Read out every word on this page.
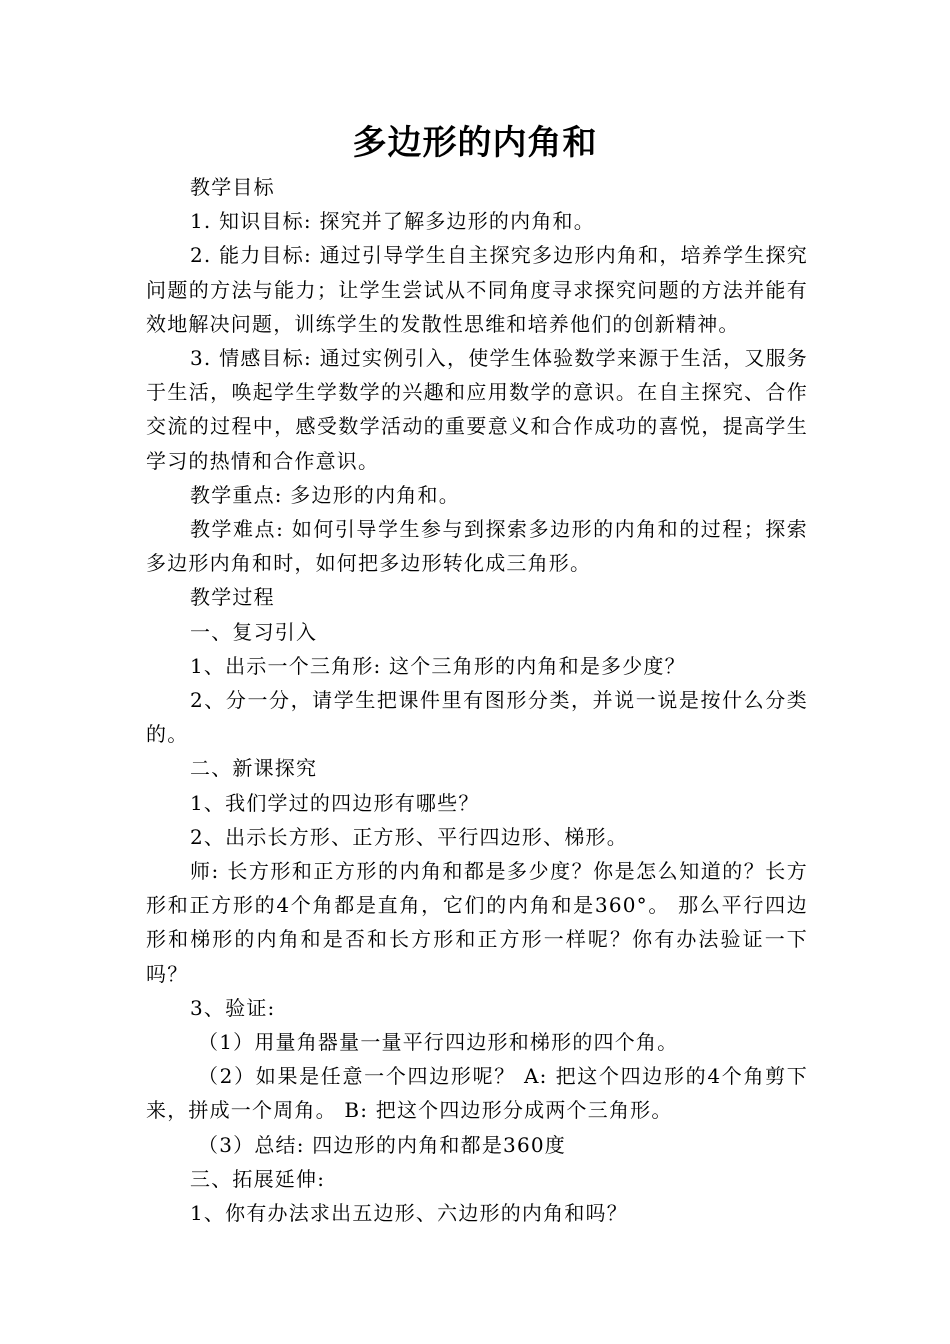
多边形的内角和

教学目标

1. 知识目标: 探究并了解多边形的内角和。

2. 能力目标: 通过引导学生自主探究多边形内角和，培养学生探究问题的方法与能力；让学生尝试从不同角度寻求探究问题的方法并能有效地解决问题，训练学生的发散性思维和培养他们的创新精神。

3. 情感目标: 通过实例引入，使学生体验数学来源于生活，又服务于生活，唤起学生学数学的兴趣和应用数学的意识。在自主探究、合作交流的过程中，感受数学活动的重要意义和合作成功的喜悦，提高学生学习的热情和合作意识。

教学重点: 多边形的内角和。

教学难点: 如何引导学生参与到探索多边形的内角和的过程；探索多边形内角和时，如何把多边形转化成三角形。

教学过程

一、复习引入

1、出示一个三角形: 这个三角形的内角和是多少度？

2、分一分，请学生把课件里有图形分类，并说一说是按什么分类的。

二、新课探究

1、我们学过的四边形有哪些？

2、出示长方形、正方形、平行四边形、梯形。

师: 长方形和正方形的内角和都是多少度？你是怎么知道的？长方形和正方形的4个角都是直角，它们的内角和是360°。 那么平行四边形和梯形的内角和是否和长方形和正方形一样呢？你有办法验证一下吗？

3、验证:

（1）用量角器量一量平行四边形和梯形的四个角。

（2）如果是任意一个四边形呢？ A: 把这个四边形的4个角剪下来，拼成一个周角。 B: 把这个四边形分成两个三角形。

（3）总结: 四边形的内角和都是360度

三、拓展延伸:

1、你有办法求出五边形、六边形的内角和吗？
